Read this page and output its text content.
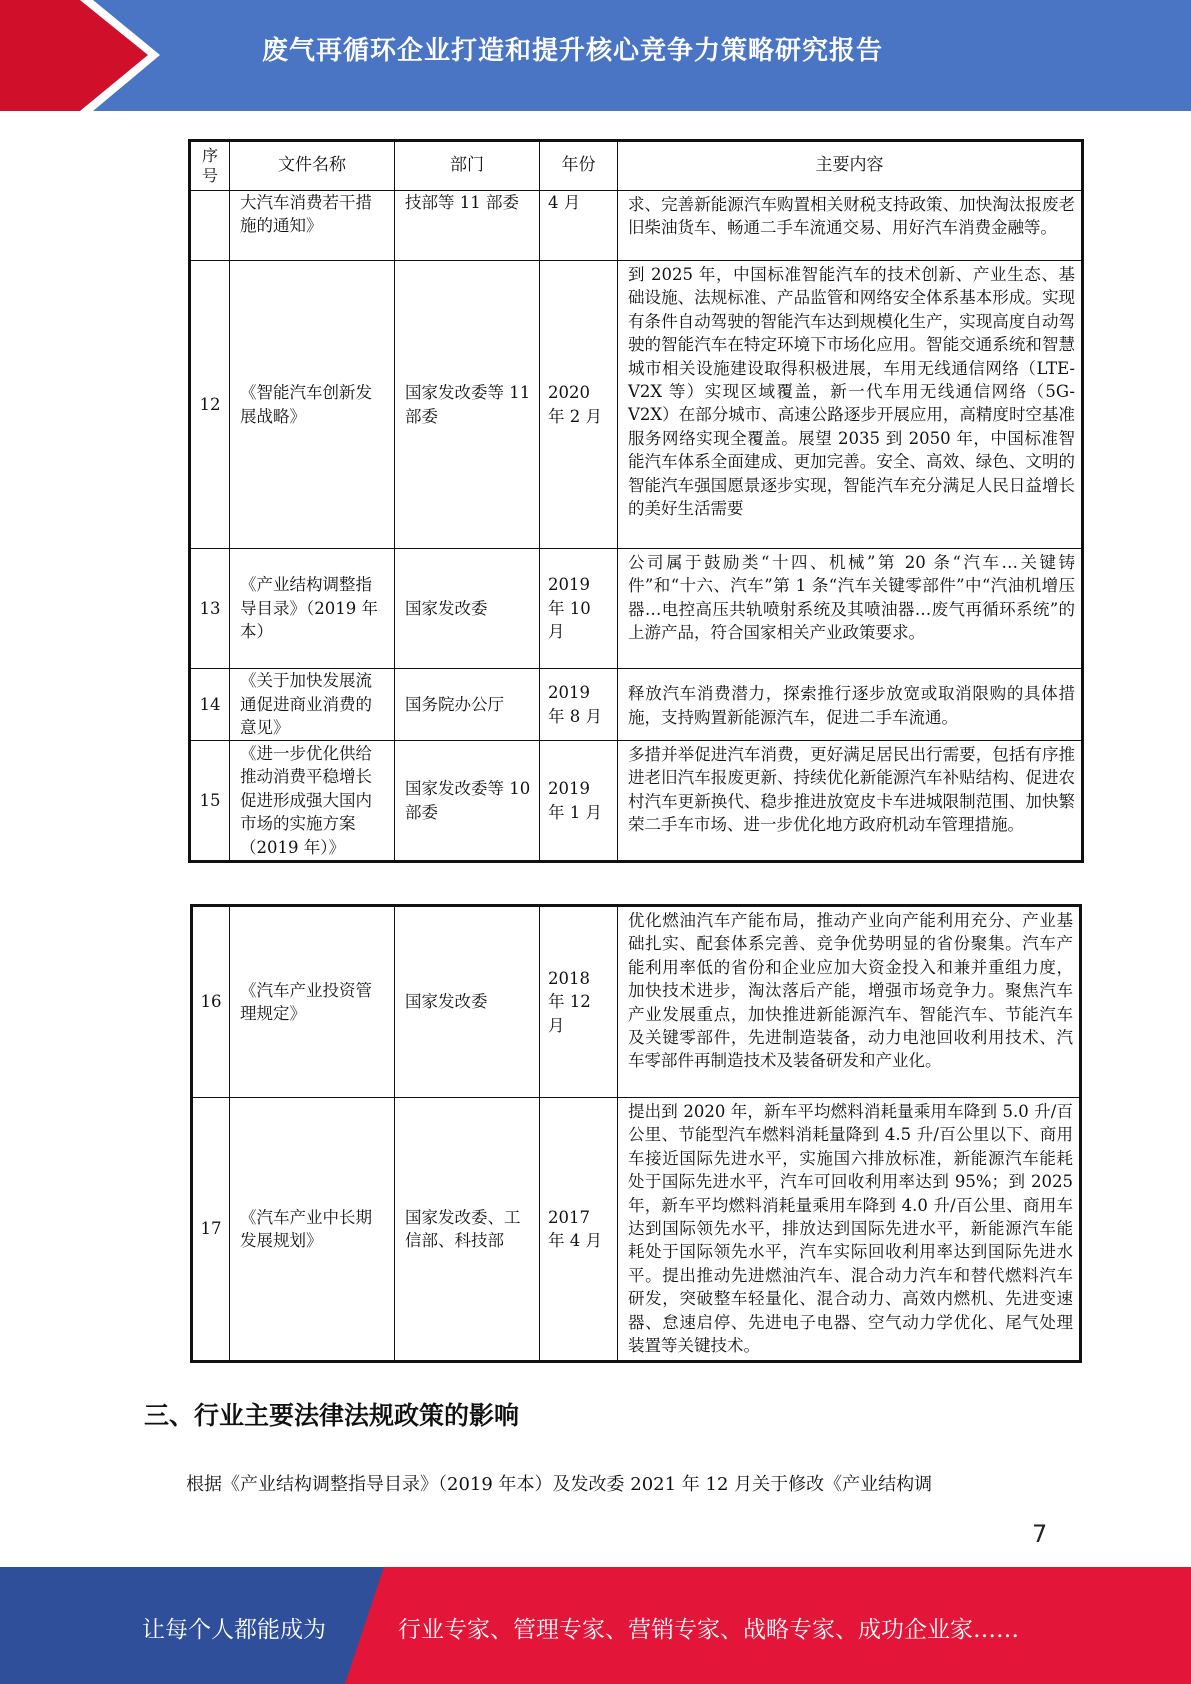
废气再循环企业打造和提升核心竞争力策略研究报告
序号	文件名称	部门	年份	主要内容
	大汽车消费若干措施的通知》	技部等 11 部委	4 月	求、完善新能源汽车购置相关财税支持政策、加快淘汰报废老旧柴油货车、畅通二手车流通交易、用好汽车消费金融等。
12	《智能汽车创新发展战略》	国家发改委等 11 部委	2020 年 2 月	到 2025 年，中国标准智能汽车的技术创新、产业生态、基础设施、法规标准、产品监管和网络安全体系基本形成。实现有条件自动驾驶的智能汽车达到规模化生产，实现高度自动驾驶的智能汽车在特定环境下市场化应用。智能交通系统和智慧城市相关设施建设取得积极进展，车用无线通信网络（LTE-V2X 等）实现区域覆盖，新一代车用无线通信网络（5G-V2X）在部分城市、高速公路逐步开展应用，高精度时空基准服务网络实现全覆盖。展望 2035 到 2050 年，中国标准智能汽车体系全面建成、更加完善。安全、高效、绿色、文明的智能汽车强国愿景逐步实现，智能汽车充分满足人民日益增长的美好生活需要
13	《产业结构调整指导目录》（2019 年本）	国家发改委	2019 年 10 月	公司属于鼓励类“十四、机械”第 20 条“汽车…关键铸件”和“十六、汽车”第 1 条“汽车关键零部件”中“汽油机增压器…电控高压共轨喷射系统及其喷油器…废气再循环系统”的上游产品，符合国家相关产业政策要求。
14	《关于加快发展流通促进商业消费的意见》	国务院办公厅	2019 年 8 月	释放汽车消费潜力，探索推行逐步放宽或取消限购的具体措施，支持购置新能源汽车，促进二手车流通。
15	《进一步优化供给推动消费平稳增长促进形成强大国内市场的实施方案（2019 年）》	国家发改委等 10 部委	2019 年 1 月	多措并举促进汽车消费，更好满足居民出行需要，包括有序推进老旧汽车报废更新、持续优化新能源汽车补贴结构、促进农村汽车更新换代、稳步推进放宽皮卡车进城限制范围、加快繁荣二手车市场、进一步优化地方政府机动车管理措施。
16	《汽车产业投资管理规定》	国家发改委	2018 年 12 月	优化燃油汽车产能布局，推动产业向产能利用充分、产业基础扎实、配套体系完善、竞争优势明显的省份聚集。汽车产能利用率低的省份和企业应加大资金投入和兼并重组力度，加快技术进步，淘汰落后产能，增强市场竞争力。聚焦汽车产业发展重点，加快推进新能源汽车、智能汽车、节能汽车及关键零部件，先进制造装备，动力电池回收利用技术、汽车零部件再制造技术及装备研发和产业化。
17	《汽车产业中长期发展规划》	国家发改委、工信部、科技部	2017 年 4 月	提出到 2020 年，新车平均燃料消耗量乘用车降到 5.0 升/百公里、节能型汽车燃料消耗量降到 4.5 升/百公里以下、商用车接近国际先进水平，实施国六排放标准，新能源汽车能耗处于国际先进水平，汽车可回收利用率达到 95%；到 2025 年，新车平均燃料消耗量乘用车降到 4.0 升/百公里、商用车达到国际领先水平，排放达到国际先进水平，新能源汽车能耗处于国际领先水平，汽车实际回收利用率达到国际先进水平。提出推动先进燃油汽车、混合动力汽车和替代燃料汽车研发，突破整车轻量化、混合动力、高效内燃机、先进变速器、怠速启停、先进电子电器、空气动力学优化、尾气处理装置等关键技术。
三、行业主要法律法规政策的影响
根据《产业结构调整指导目录》（2019 年本）及发改委 2021 年 12 月关于修改《产业结构调
7
让每个人都能成为	行业专家、管理专家、营销专家、战略专家、成功企业家……
